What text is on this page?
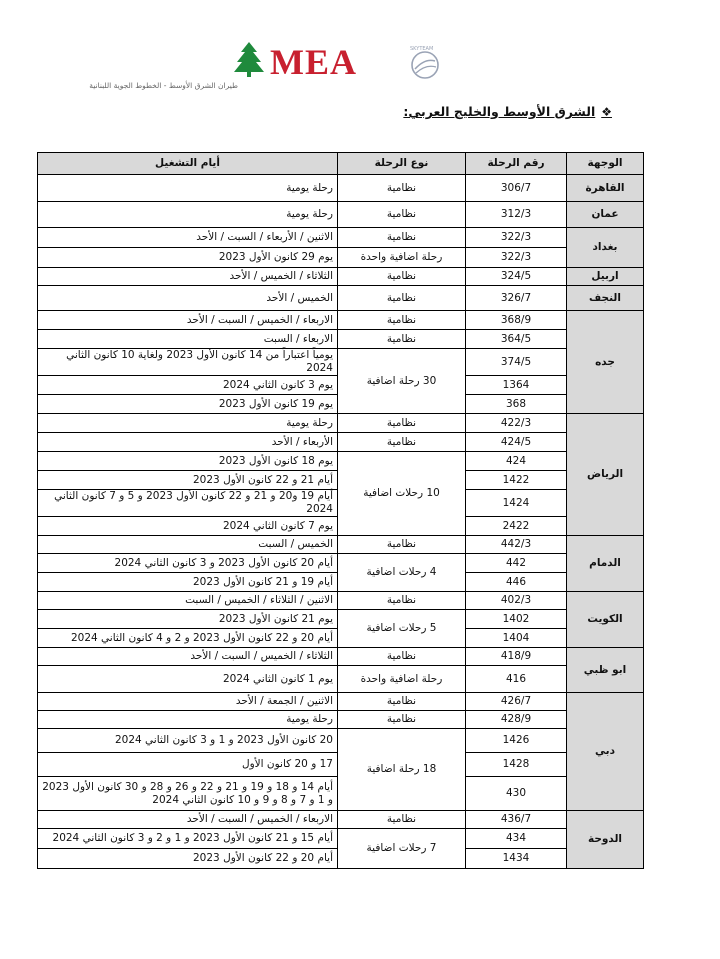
MEA
طيران الشرق الأوسط - الخطوط الجوية اللبنانية
SKYTEAM
❖
الشرق الأوسط والخليج العربي:
الوجهة	رقم الرحلة	نوع الرحلة	أيام التشغيل
القاهرة	306/7	نظامية	رحلة يومية
عمان	312/3	نظامية	رحلة يومية
بغداد	322/3	نظامية	الاثنين / الأربعاء / السبت / الأحد
	322/3	رحلة اضافية واحدة	يوم 29 كانون الأول 2023
اربيل	324/5	نظامية	الثلاثاء / الخميس / الأحد
النجف	326/7	نظامية	الخميس / الأحد
جده	368/9	نظامية	الاربعاء / الخميس / السبت / الأحد
	364/5	نظامية	الاربعاء / السبت
	374/5	30 رحلة اضافية	يومياً اعتباراً من 14 كانون الأول 2023 ولغاية 10 كانون الثاني 2024
	1364		يوم 3 كانون الثاني 2024
	368		يوم 19 كانون الأول 2023
الرياض	422/3	نظامية	رحلة يومية
	424/5	نظامية	الأربعاء / الأحد
	424	10 رحلات اضافية	يوم 18 كانون الأول 2023
	1422		أيام 21 و 22 كانون الأول 2023
	1424		أيام 19 و20 و 21 و 22 كانون الأول 2023 و 5 و 7 كانون الثاني 2024
	2422		يوم 7 كانون الثاني 2024
الدمام	442/3	نظامية	الخميس / السبت
	442	4 رحلات اضافية	أيام 20 كانون الأول 2023 و 3 كانون الثاني 2024
	446		أيام 19 و 21 كانون الأول 2023
الكويت	402/3	نظامية	الاثنين / الثلاثاء / الخميس / السبت
	1402	5 رحلات اضافية	يوم 21 كانون الأول 2023
	1404		أيام 20 و 22 كانون الأول 2023 و 2 و 4 كانون الثاني 2024
ابو ظبي	418/9	نظامية	الثلاثاء / الخميس / السبت / الأحد
	416	رحلة اضافية واحدة	يوم 1 كانون الثاني 2024
دبي	426/7	نظامية	الاثنين / الجمعة / الأحد
	428/9	نظامية	رحلة يومية
	1426	18 رحلة اضافية	20 كانون الأول 2023 و 1 و 3 كانون الثاني 2024
	1428		17 و 20 كانون الأول
	430		أيام 14 و 18 و 19 و 21 و 22 و 26 و 28 و 30 كانون الأول 2023 و 1 و 7 و 8 و 9 و 10 كانون الثاني 2024
الدوحة	436/7	نظامية	الاربعاء / الخميس / السبت / الأحد
	434	7 رحلات اضافية	أيام 15 و 21 كانون الأول 2023 و 1 و 2 و 3 كانون الثاني 2024
	1434		أيام 20 و 22 كانون الأول 2023
